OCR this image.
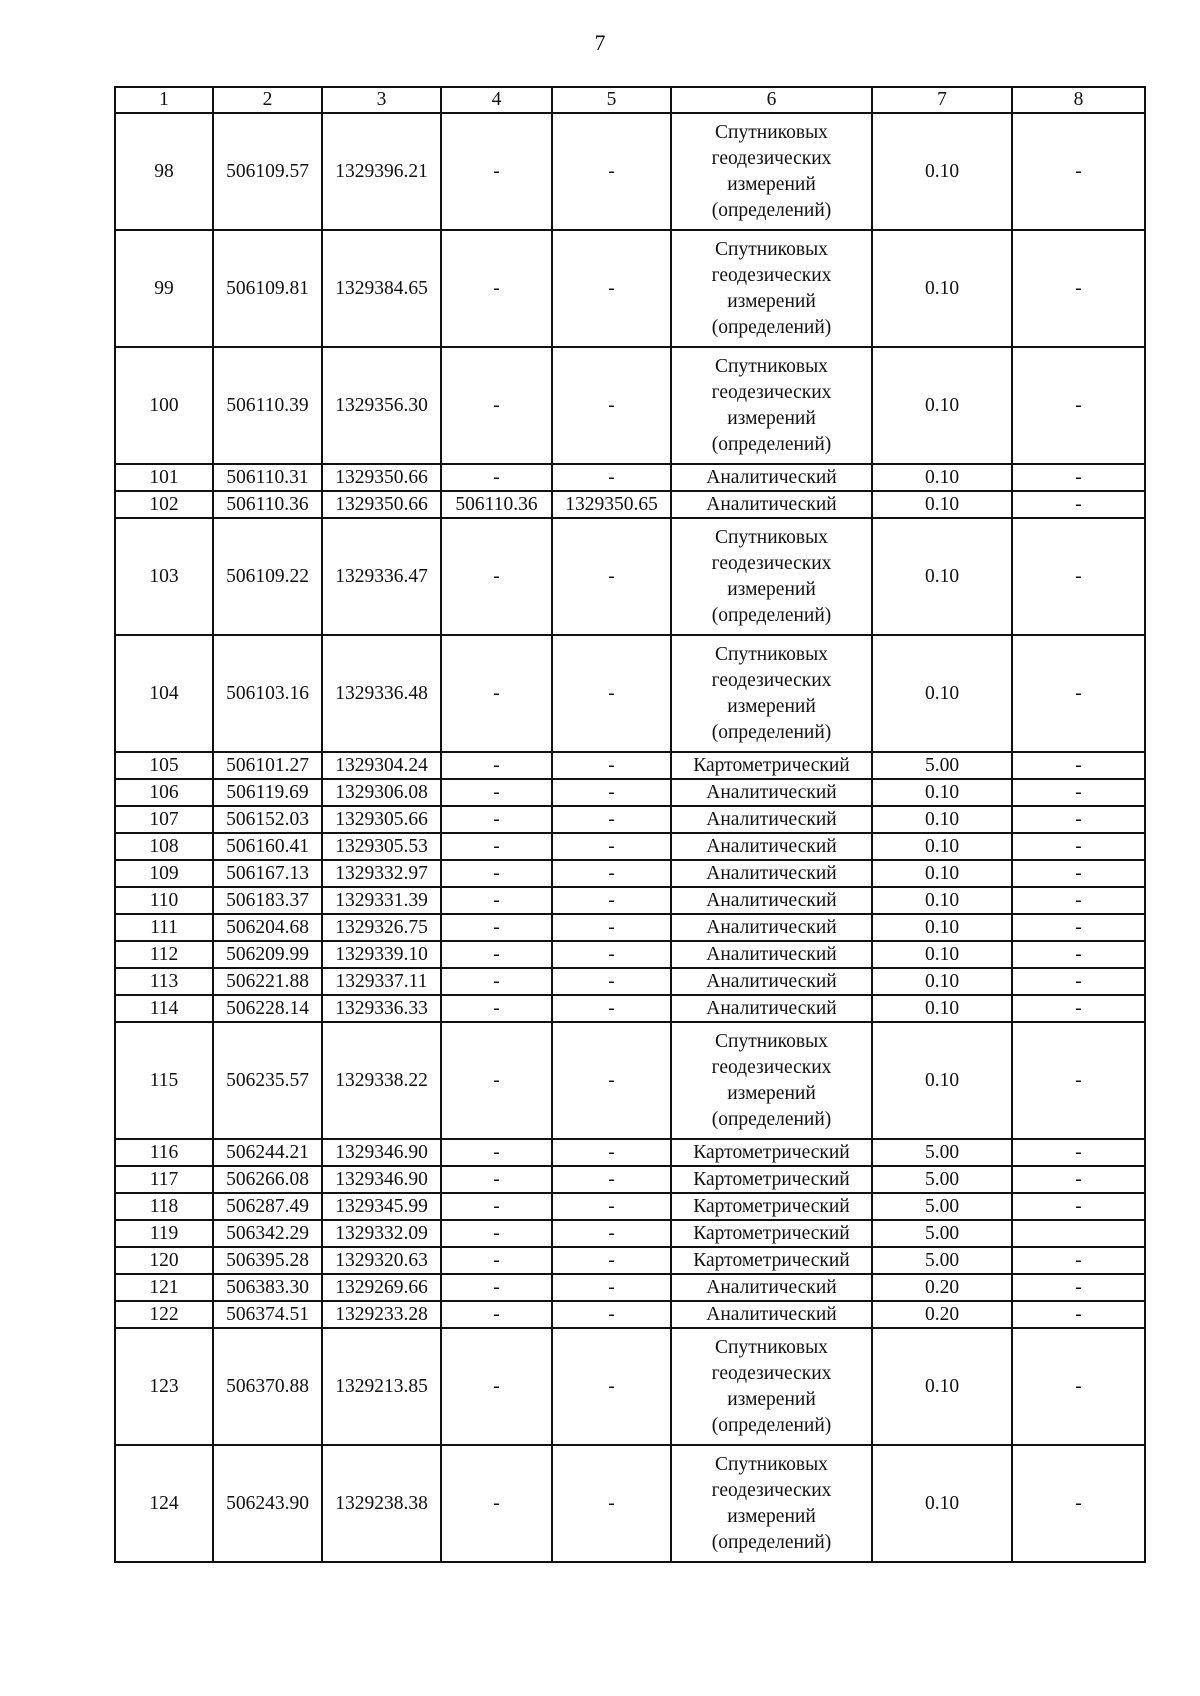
7
1	2	3	4	5	6	7	8
98	506109.57	1329396.21	-	-	Спутниковых
геодезических
измерений
(определений)	0.10	-
99	506109.81	1329384.65	-	-	Спутниковых
геодезических
измерений
(определений)	0.10	-
100	506110.39	1329356.30	-	-	Спутниковых
геодезических
измерений
(определений)	0.10	-
101	506110.31	1329350.66	-	-	Аналитический	0.10	-
102	506110.36	1329350.66	506110.36	1329350.65	Аналитический	0.10	-
103	506109.22	1329336.47	-	-	Спутниковых
геодезических
измерений
(определений)	0.10	-
104	506103.16	1329336.48	-	-	Спутниковых
геодезических
измерений
(определений)	0.10	-
105	506101.27	1329304.24	-	-	Картометрический	5.00	-
106	506119.69	1329306.08	-	-	Аналитический	0.10	-
107	506152.03	1329305.66	-	-	Аналитический	0.10	-
108	506160.41	1329305.53	-	-	Аналитический	0.10	-
109	506167.13	1329332.97	-	-	Аналитический	0.10	-
110	506183.37	1329331.39	-	-	Аналитический	0.10	-
111	506204.68	1329326.75	-	-	Аналитический	0.10	-
112	506209.99	1329339.10	-	-	Аналитический	0.10	-
113	506221.88	1329337.11	-	-	Аналитический	0.10	-
114	506228.14	1329336.33	-	-	Аналитический	0.10	-
115	506235.57	1329338.22	-	-	Спутниковых
геодезических
измерений
(определений)	0.10	-
116	506244.21	1329346.90	-	-	Картометрический	5.00	-
117	506266.08	1329346.90	-	-	Картометрический	5.00	-
118	506287.49	1329345.99	-	-	Картометрический	5.00	-
119	506342.29	1329332.09	-	-	Картометрический	5.00	
120	506395.28	1329320.63	-	-	Картометрический	5.00	-
121	506383.30	1329269.66	-	-	Аналитический	0.20	-
122	506374.51	1329233.28	-	-	Аналитический	0.20	-
123	506370.88	1329213.85	-	-	Спутниковых
геодезических
измерений
(определений)	0.10	-
124	506243.90	1329238.38	-	-	Спутниковых
геодезических
измерений
(определений)	0.10	-
